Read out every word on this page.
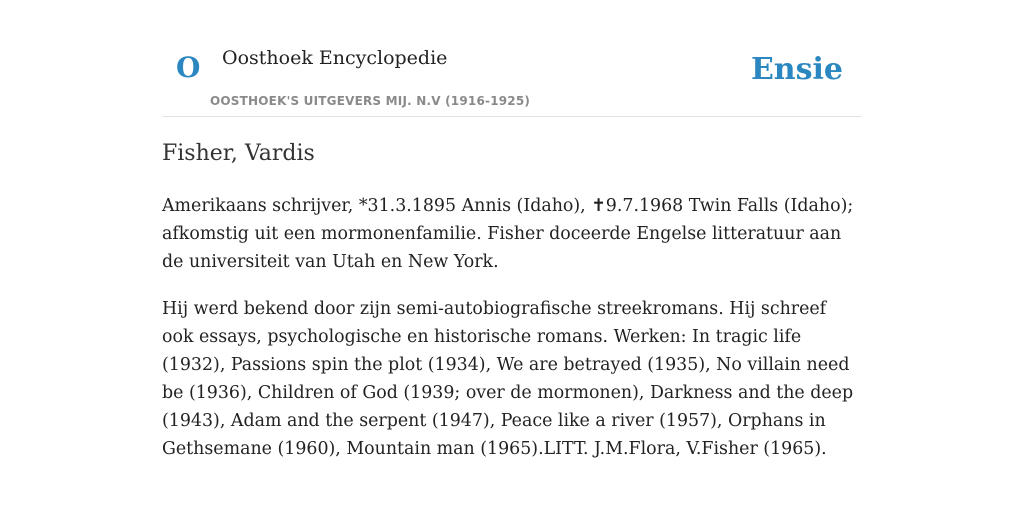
O Oosthoek Encyclopedie
OOSTHOEK'S UITGEVERS MIJ. N.V (1916-1925)
Ensie
Fisher, Vardis

Amerikaans schrijver, *31.3.1895 Annis (Idaho), ✝9.7.1968 Twin Falls (Idaho); afkomstig uit een mormonenfamilie. Fisher doceerde Engelse litteratuur aan de universiteit van Utah en New York.

Hij werd bekend door zijn semi-autobiografische streekromans. Hij schreef ook essays, psychologische en historische romans. Werken: In tragic life (1932), Passions spin the plot (1934), We are betrayed (1935), No villain need be (1936), Children of God (1939; over de mormonen), Darkness and the deep (1943), Adam and the serpent (1947), Peace like a river (1957), Orphans in Gethsemane (1960), Mountain man (1965).LITT. J.M.Flora, V.Fisher (1965).
